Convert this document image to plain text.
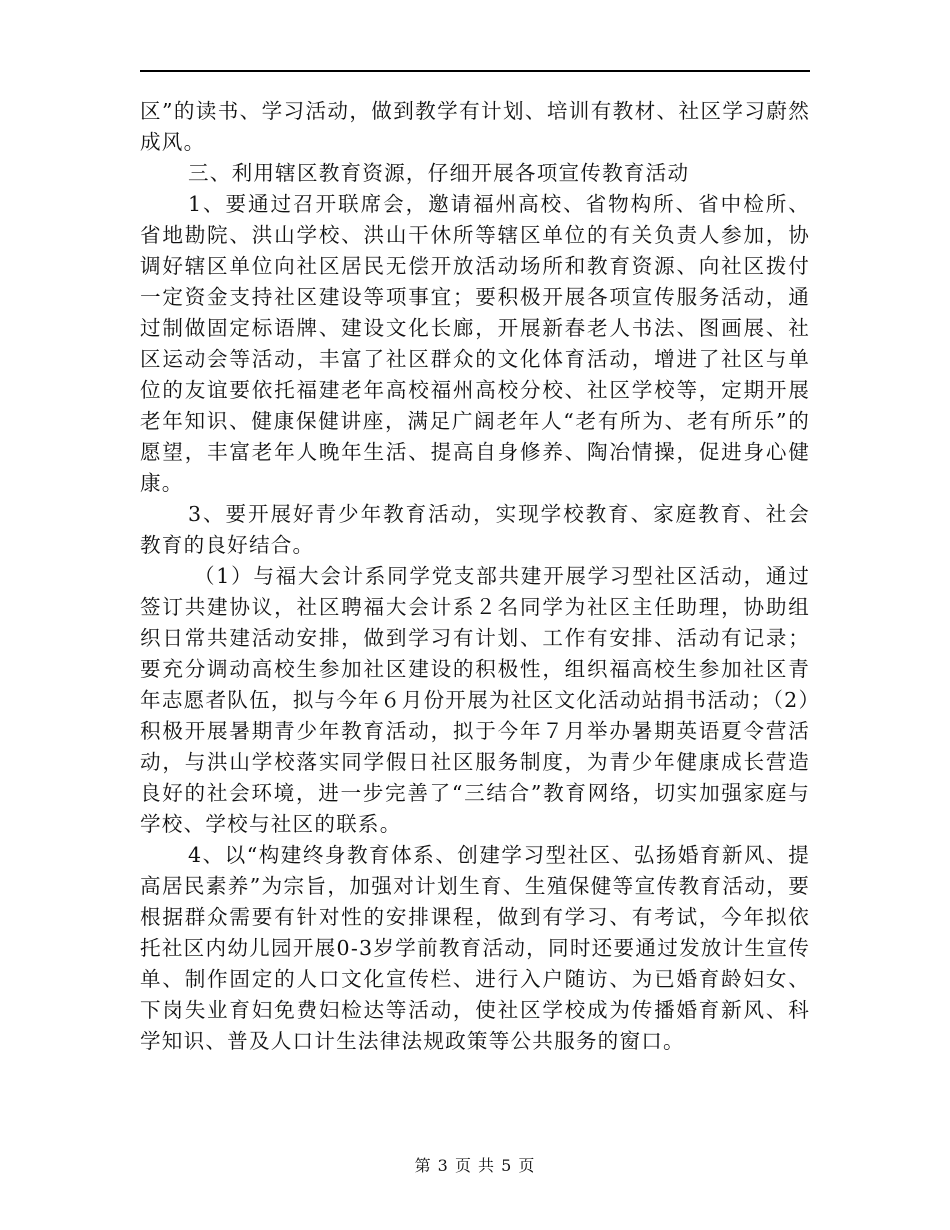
区”的读书、学习活动，做到教学有计划、培训有教材、社区学习蔚然成风。

三、利用辖区教育资源，仔细开展各项宣传教育活动

1、要通过召开联席会，邀请福州高校、省物构所、省中检所、省地勘院、洪山学校、洪山干休所等辖区单位的有关负责人参加，协调好辖区单位向社区居民无偿开放活动场所和教育资源、向社区拨付一定资金支持社区建设等项事宜；要积极开展各项宣传服务活动，通过制做固定标语牌、建设文化长廊，开展新春老人书法、图画展、社区运动会等活动，丰富了社区群众的文化体育活动，增进了社区与单位的友谊要依托福建老年高校福州高校分校、社区学校等，定期开展老年知识、健康保健讲座，满足广阔老年人“老有所为、老有所乐”的愿望，丰富老年人晚年生活、提高自身修养、陶冶情操，促进身心健康。

3、要开展好青少年教育活动，实现学校教育、家庭教育、社会教育的良好结合。

（1）与福大会计系同学党支部共建开展学习型社区活动，通过签订共建协议，社区聘福大会计系２名同学为社区主任助理，协助组织日常共建活动安排，做到学习有计划、工作有安排、活动有记录；要充分调动高校生参加社区建设的积极性，组织福高校生参加社区青年志愿者队伍，拟与今年６月份开展为社区文化活动站捐书活动；（2）积极开展暑期青少年教育活动，拟于今年７月举办暑期英语夏令营活动，与洪山学校落实同学假日社区服务制度，为青少年健康成长营造良好的社会环境，进一步完善了“三结合”教育网络，切实加强家庭与学校、学校与社区的联系。

4、以“构建终身教育体系、创建学习型社区、弘扬婚育新风、提高居民素养”为宗旨，加强对计划生育、生殖保健等宣传教育活动，要根据群众需要有针对性的安排课程，做到有学习、有考试，今年拟依托社区内幼儿园开展0-3岁学前教育活动，同时还要通过发放计生宣传单、制作固定的人口文化宣传栏、进行入户随访、为已婚育龄妇女、下岗失业育妇免费妇检达等活动，使社区学校成为传播婚育新风、科学知识、普及人口计生法律法规政策等公共服务的窗口。

第 3 页 共 5 页
